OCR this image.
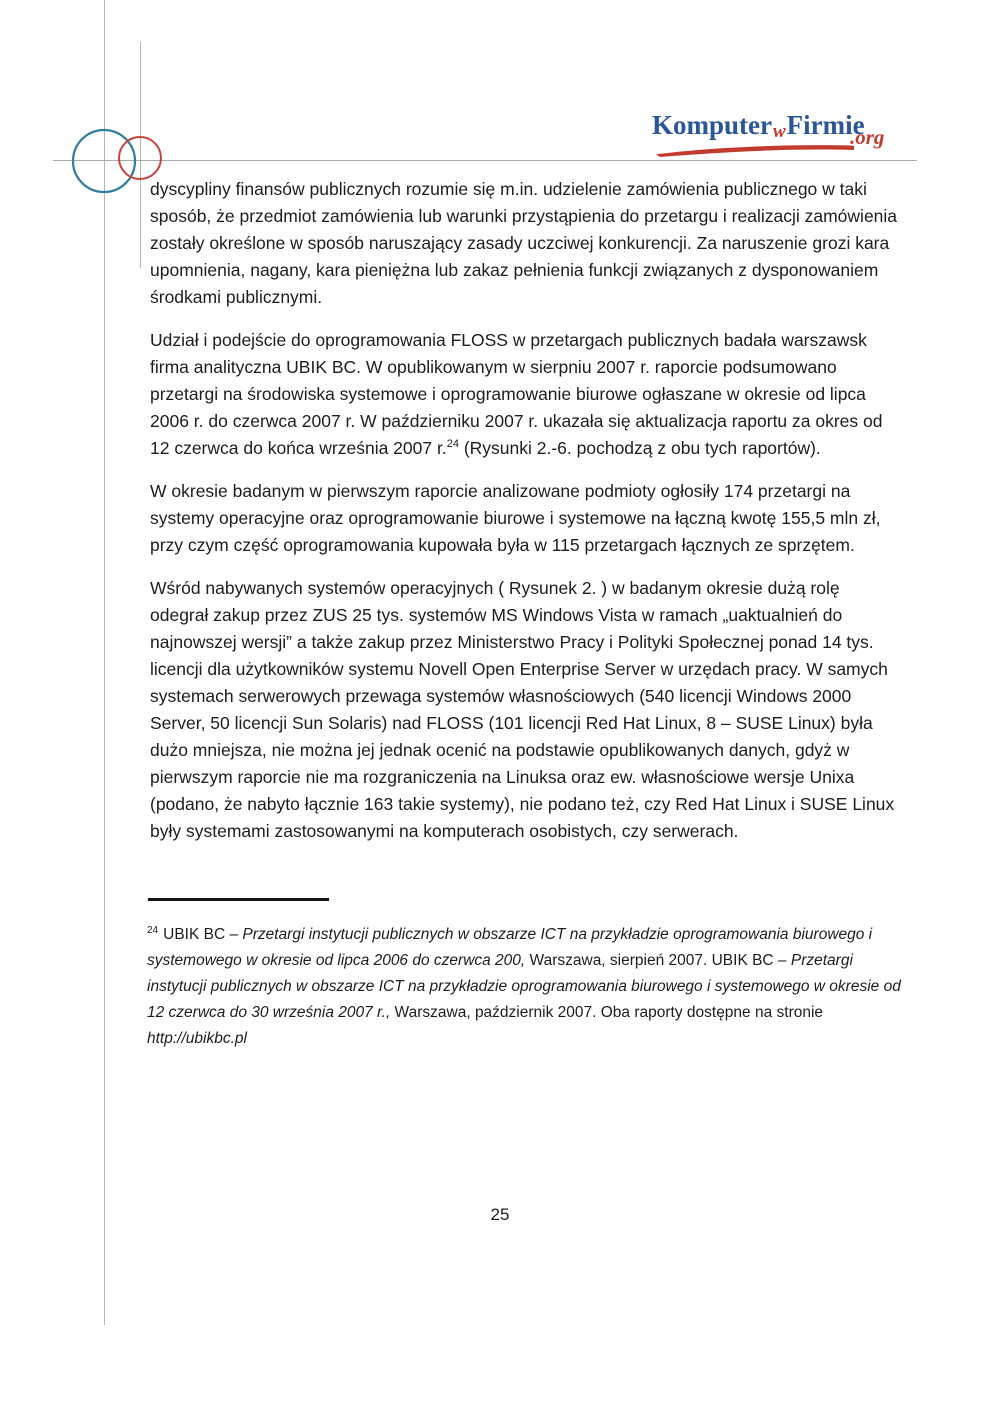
KomputerwFirmie
.org

dyscypliny finansów publicznych rozumie się m.in. udzielenie zamówienia publicznego w taki sposób, że przedmiot zamówienia lub warunki przystąpienia do przetargu i realizacji zamówienia zostały określone w sposób naruszający zasady uczciwej konkurencji. Za naruszenie grozi kara upomnienia, nagany, kara pieniężna lub zakaz pełnienia funkcji związanych z dysponowaniem środkami publicznymi.

Udział i podejście do oprogramowania FLOSS w przetargach publicznych badała warszawsk firma analityczna UBIK BC. W opublikowanym w sierpniu 2007 r. raporcie podsumowano przetargi na środowiska systemowe i oprogramowanie biurowe ogłaszane w okresie od lipca 2006 r. do czerwca 2007 r. W październiku 2007 r. ukazała się aktualizacja raportu za okres od 12 czerwca do końca września 2007 r.$^{24}$ (Rysunki 2.-6. pochodzą z obu tych raportów).

W okresie badanym w pierwszym raporcie analizowane podmioty ogłosiły 174 przetargi na systemy operacyjne oraz oprogramowanie biurowe i systemowe na łączną kwotę 155,5 mln zł, przy czym część oprogramowania kupowała była w 115 przetargach łącznych ze sprzętem.

Wśród nabywanych systemów operacyjnych ( Rysunek 2. ) w badanym okresie dużą rolę odegrał zakup przez ZUS 25 tys. systemów MS Windows Vista w ramach „uaktualnień do najnowszej wersji” a także zakup przez Ministerstwo Pracy i Polityki Społecznej ponad 14 tys. licencji dla użytkowników systemu Novell Open Enterprise Server w urzędach pracy. W samych systemach serwerowych przewaga systemów własnościowych (540 licencji Windows 2000 Server, 50 licencji Sun Solaris) nad FLOSS (101 licencji Red Hat Linux, 8 – SUSE Linux) była dużo mniejsza, nie można jej jednak ocenić na podstawie opublikowanych danych, gdyż w pierwszym raporcie nie ma rozgraniczenia na Linuksa oraz ew. własnościowe wersje Unixa (podano, że nabyto łącznie 163 takie systemy), nie podano też, czy Red Hat Linux i SUSE Linux były systemami zastosowanymi na komputerach osobistych, czy serwerach.

$^{24}$ UBIK BC – Przetargi instytucji publicznych w obszarze ICT na przykładzie oprogramowania biurowego i systemowego w okresie od lipca 2006 do czerwca 200, Warszawa, sierpień 2007. UBIK BC – Przetargi instytucji publicznych w obszarze ICT na przykładzie oprogramowania biurowego i systemowego w okresie od 12 czerwca do 30 września 2007 r., Warszawa, październik 2007. Oba raporty dostępne na stronie http://ubikbc.pl
25
